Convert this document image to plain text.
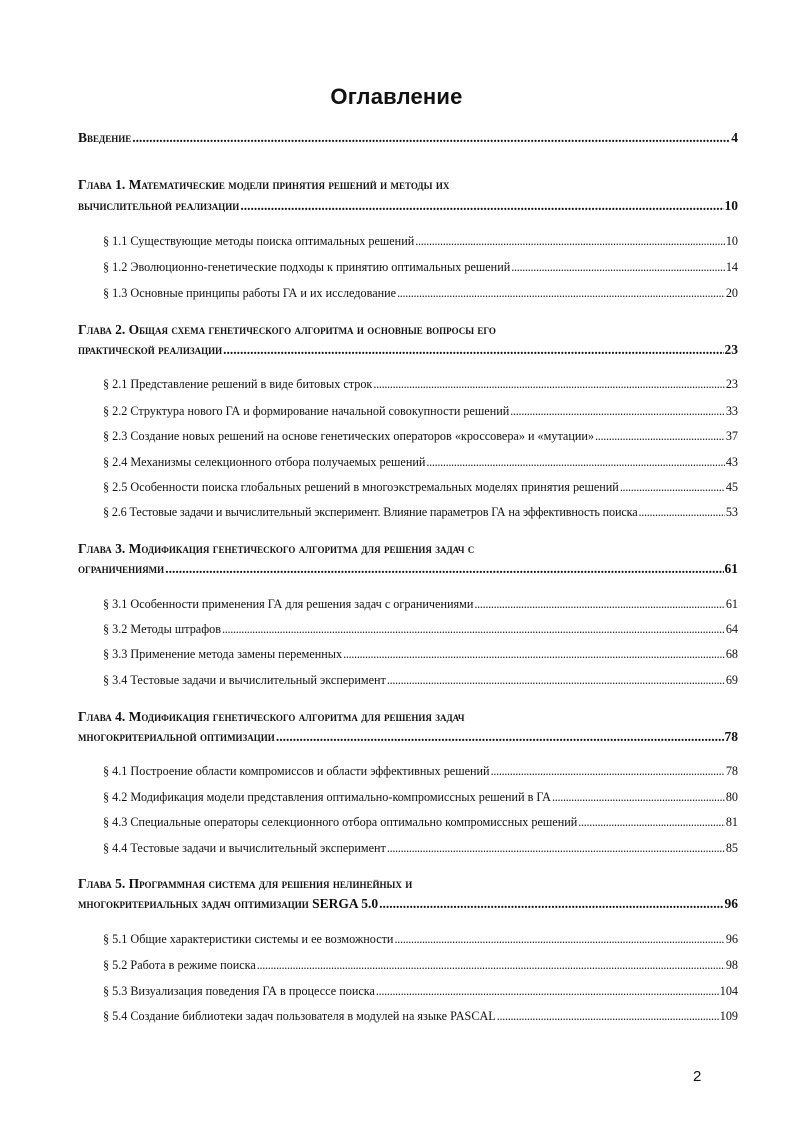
Оглавление
Введение .....	4
Глава 1. Математические модели принятия решений и методы их
вычислительной реализации .....	10
§ 1.1 Существующие методы поиска оптимальных решений .....	10
§ 1.2 Эволюционно-генетические подходы к принятию оптимальных решений .....	14
§ 1.3 Основные принципы работы ГА и их исследование .....	20
Глава 2. Общая схема генетического алгоритма и основные вопросы его
практической реализации .....	23
§ 2.1 Представление решений в виде битовых строк .....	23
§ 2.2 Структура нового ГА и формирование начальной совокупности решений .....	33
§ 2.3 Создание новых решений на основе генетических операторов «кроссовера» и «мутации» .....	37
§ 2.4 Механизмы селекционного отбора получаемых решений .....	43
§ 2.5 Особенности поиска глобальных решений в многоэкстремальных моделях принятия решений .....	45
§ 2.6 Тестовые задачи и вычислительный эксперимент. Влияние параметров ГА на эффективность поиска .....	53
Глава 3. Модификация генетического алгоритма для решения задач с
ограничениями .....	61
§ 3.1 Особенности применения ГА для решения задач с ограничениями .....	61
§ 3.2 Методы штрафов .....	64
§ 3.3 Применение метода замены переменных .....	68
§ 3.4 Тестовые задачи и вычислительный эксперимент .....	69
Глава 4. Модификация генетического алгоритма для решения задач
многокритериальной оптимизации .....	78
§ 4.1 Построение области компромиссов и области эффективных решений .....	78
§ 4.2 Модификация модели представления оптимально-компромиссных решений в ГА .....	80
§ 4.3 Специальные операторы селекционного отбора оптимально компромиссных решений .....	81
§ 4.4 Тестовые задачи и вычислительный эксперимент .....	85
Глава 5. Программная система для решения нелинейных и
многокритериальных задач оптимизации SERGA 5.0 .....	96
§ 5.1 Общие характеристики системы и ее возможности .....	96
§ 5.2 Работа в режиме поиска .....	98
§ 5.3 Визуализация поведения ГА в процессе поиска .....	104
§ 5.4 Создание библиотеки задач пользователя в модулей на языке PASCAL .....	109
2
